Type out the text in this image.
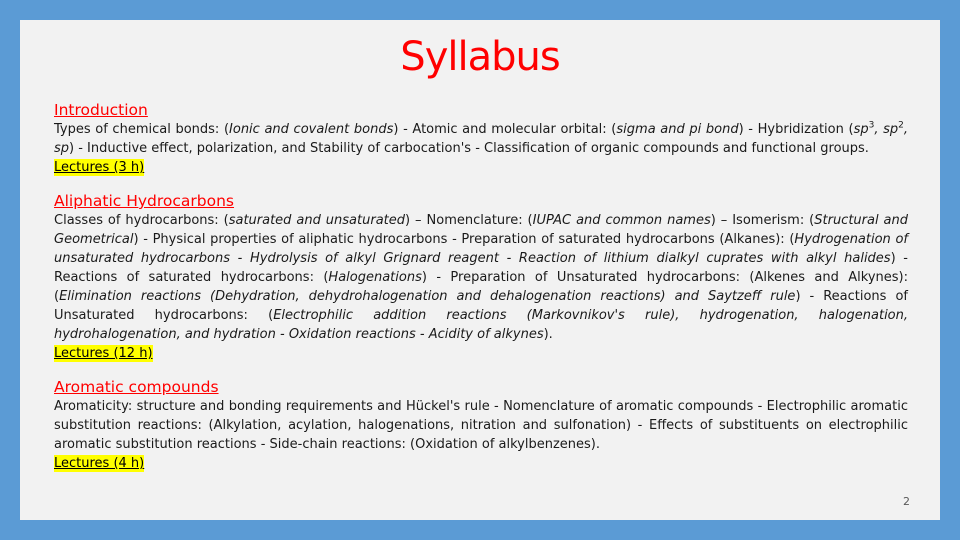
Syllabus
Introduction

Types of chemical bonds: (Ionic and covalent bonds) - Atomic and molecular orbital: (sigma and pi bond) - Hybridization ($sp^3$, $sp^2$, sp) - Inductive effect, polarization, and Stability of carbocation's - Classification of organic compounds and functional groups.

Lectures (3 h)
Aliphatic Hydrocarbons

Classes of hydrocarbons: (saturated and unsaturated) – Nomenclature: (IUPAC and common names) – Isomerism: (Structural and Geometrical) - Physical properties of aliphatic hydrocarbons - Preparation of saturated hydrocarbons (Alkanes): (Hydrogenation of unsaturated hydrocarbons - Hydrolysis of alkyl Grignard reagent - Reaction of lithium dialkyl cuprates with alkyl halides) - Reactions of saturated hydrocarbons: (Halogenations) - Preparation of Unsaturated hydrocarbons: (Alkenes and Alkynes): (Elimination reactions (Dehydration, dehydrohalogenation and dehalogenation reactions) and Saytzeff rule) - Reactions of Unsaturated hydrocarbons: (Electrophilic addition reactions (Markovnikov's rule), hydrogenation, halogenation, hydrohalogenation, and hydration - Oxidation reactions - Acidity of alkynes).

Lectures (12 h)
Aromatic compounds

Aromaticity: structure and bonding requirements and Hückel's rule - Nomenclature of aromatic compounds - Electrophilic aromatic substitution reactions: (Alkylation, acylation, halogenations, nitration and sulfonation) - Effects of substituents on electrophilic aromatic substitution reactions - Side-chain reactions: (Oxidation of alkylbenzenes).

Lectures (4 h)
2
